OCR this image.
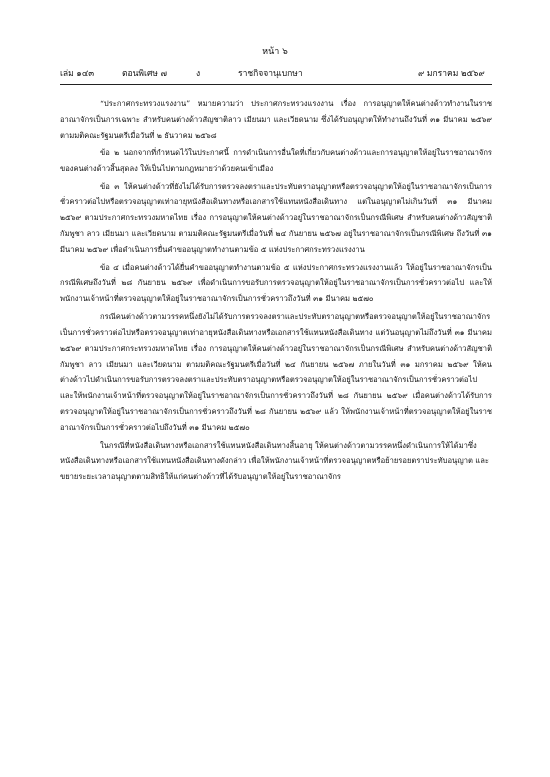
หน้า ๖
เล่ม ๑๔๓	ตอนพิเศษ ๗	ง	ราชกิจจานุเบกษา	๙ มกราคม ๒๕๖๙

“ประกาศกระทรวงแรงงาน” หมายความว่า ประกาศกระทรวงแรงงาน เรื่อง การอนุญาตให้คนต่างด้าวทำงานในราชอาณาจักรเป็นการเฉพาะ สำหรับคนต่างด้าวสัญชาติลาว เมียนมา และเวียดนาม ซึ่งได้รับอนุญาตให้ทำงานถึงวันที่ ๓๑ มีนาคม ๒๕๖๙ ตามมติคณะรัฐมนตรีเมื่อวันที่ ๒ ธันวาคม ๒๕๖๘

ข้อ ๒ นอกจากที่กำหนดไว้ในประกาศนี้ การดำเนินการอื่นใดที่เกี่ยวกับคนต่างด้าวและการอนุญาตให้อยู่ในราชอาณาจักรของคนต่างด้าวสิ้นสุดลง ให้เป็นไปตามกฎหมายว่าด้วยคนเข้าเมือง

ข้อ ๓ ให้คนต่างด้าวที่ยังไม่ได้รับการตรวจลงตราและประทับตราอนุญาตหรือตรวจอนุญาตให้อยู่ในราชอาณาจักรเป็นการชั่วคราวต่อไปหรือตรวจอนุญาตเท่าอายุหนังสือเดินทางหรือเอกสารใช้แทนหนังสือเดินทาง แต่ในอนุญาตไม่เกินวันที่ ๓๑ มีนาคม ๒๕๖๙ ตามประกาศกระทรวงมหาดไทย เรื่อง การอนุญาตให้คนต่างด้าวอยู่ในราชอาณาจักรเป็นกรณีพิเศษ สำหรับคนต่างด้าวสัญชาติกัมพูชา ลาว เมียนมา และเวียดนาม ตามมติคณะรัฐมนตรีเมื่อวันที่ ๒๔ กันยายน ๒๕๖๗ อยู่ในราชอาณาจักรเป็นกรณีพิเศษ ถึงวันที่ ๓๑ มีนาคม ๒๕๖๙ เพื่อดำเนินการยื่นคำขออนุญาตทำงานตามข้อ ๕ แห่งประกาศกระทรวงแรงงาน

ข้อ ๔ เมื่อคนต่างด้าวได้ยื่นคำขออนุญาตทำงานตามข้อ ๕ แห่งประกาศกระทรวงแรงงานแล้ว ให้อยู่ในราชอาณาจักรเป็นกรณีพิเศษถึงวันที่ ๒๘ กันยายน ๒๕๖๙ เพื่อดำเนินการขอรับการตรวจอนุญาตให้อยู่ในราชอาณาจักรเป็นการชั่วคราวต่อไป และให้พนักงานเจ้าหน้าที่ตรวจอนุญาตให้อยู่ในราชอาณาจักรเป็นการชั่วคราวถึงวันที่ ๓๑ มีนาคม ๒๕๗๐

กรณีคนต่างด้าวตามวรรคหนึ่งยังไม่ได้รับการตรวจลงตราและประทับตราอนุญาตหรือตรวจอนุญาตให้อยู่ในราชอาณาจักรเป็นการชั่วคราวต่อไปหรือตรวจอนุญาตเท่าอายุหนังสือเดินทางหรือเอกสารใช้แทนหนังสือเดินทาง แต่วันอนุญาตไม่ถึงวันที่ ๓๑ มีนาคม ๒๕๖๙ ตามประกาศกระทรวงมหาดไทย เรื่อง การอนุญาตให้คนต่างด้าวอยู่ในราชอาณาจักรเป็นกรณีพิเศษ สำหรับคนต่างด้าวสัญชาติกัมพูชา ลาว เมียนมา และเวียดนาม ตามมติคณะรัฐมนตรีเมื่อวันที่ ๒๔ กันยายน ๒๕๖๗ ภายในวันที่ ๓๑ มกราคม ๒๕๖๙ ให้คนต่างด้าวไปดำเนินการขอรับการตรวจลงตราและประทับตราอนุญาตหรือตรวจอนุญาตให้อยู่ในราชอาณาจักรเป็นการชั่วคราวต่อไป และให้พนักงานเจ้าหน้าที่ตรวจอนุญาตให้อยู่ในราชอาณาจักรเป็นการชั่วคราวถึงวันที่ ๒๘ กันยายน ๒๕๖๙ เมื่อคนต่างด้าวได้รับการตรวจอนุญาตให้อยู่ในราชอาณาจักรเป็นการชั่วคราวถึงวันที่ ๒๘ กันยายน ๒๕๖๙ แล้ว ให้พนักงานเจ้าหน้าที่ตรวจอนุญาตให้อยู่ในราชอาณาจักรเป็นการชั่วคราวต่อไปถึงวันที่ ๓๑ มีนาคม ๒๕๗๐

ในกรณีที่หนังสือเดินทางหรือเอกสารใช้แทนหนังสือเดินทางสิ้นอายุ ให้คนต่างด้าวตามวรรคหนึ่งดำเนินการให้ได้มาซึ่งหนังสือเดินทางหรือเอกสารใช้แทนหนังสือเดินทางดังกล่าว เพื่อให้พนักงานเจ้าหน้าที่ตรวจอนุญาตหรือย้ายรอยตราประทับอนุญาต และขยายระยะเวลาอนุญาตตามสิทธิให้แก่คนต่างด้าวที่ได้รับอนุญาตให้อยู่ในราชอาณาจักร
